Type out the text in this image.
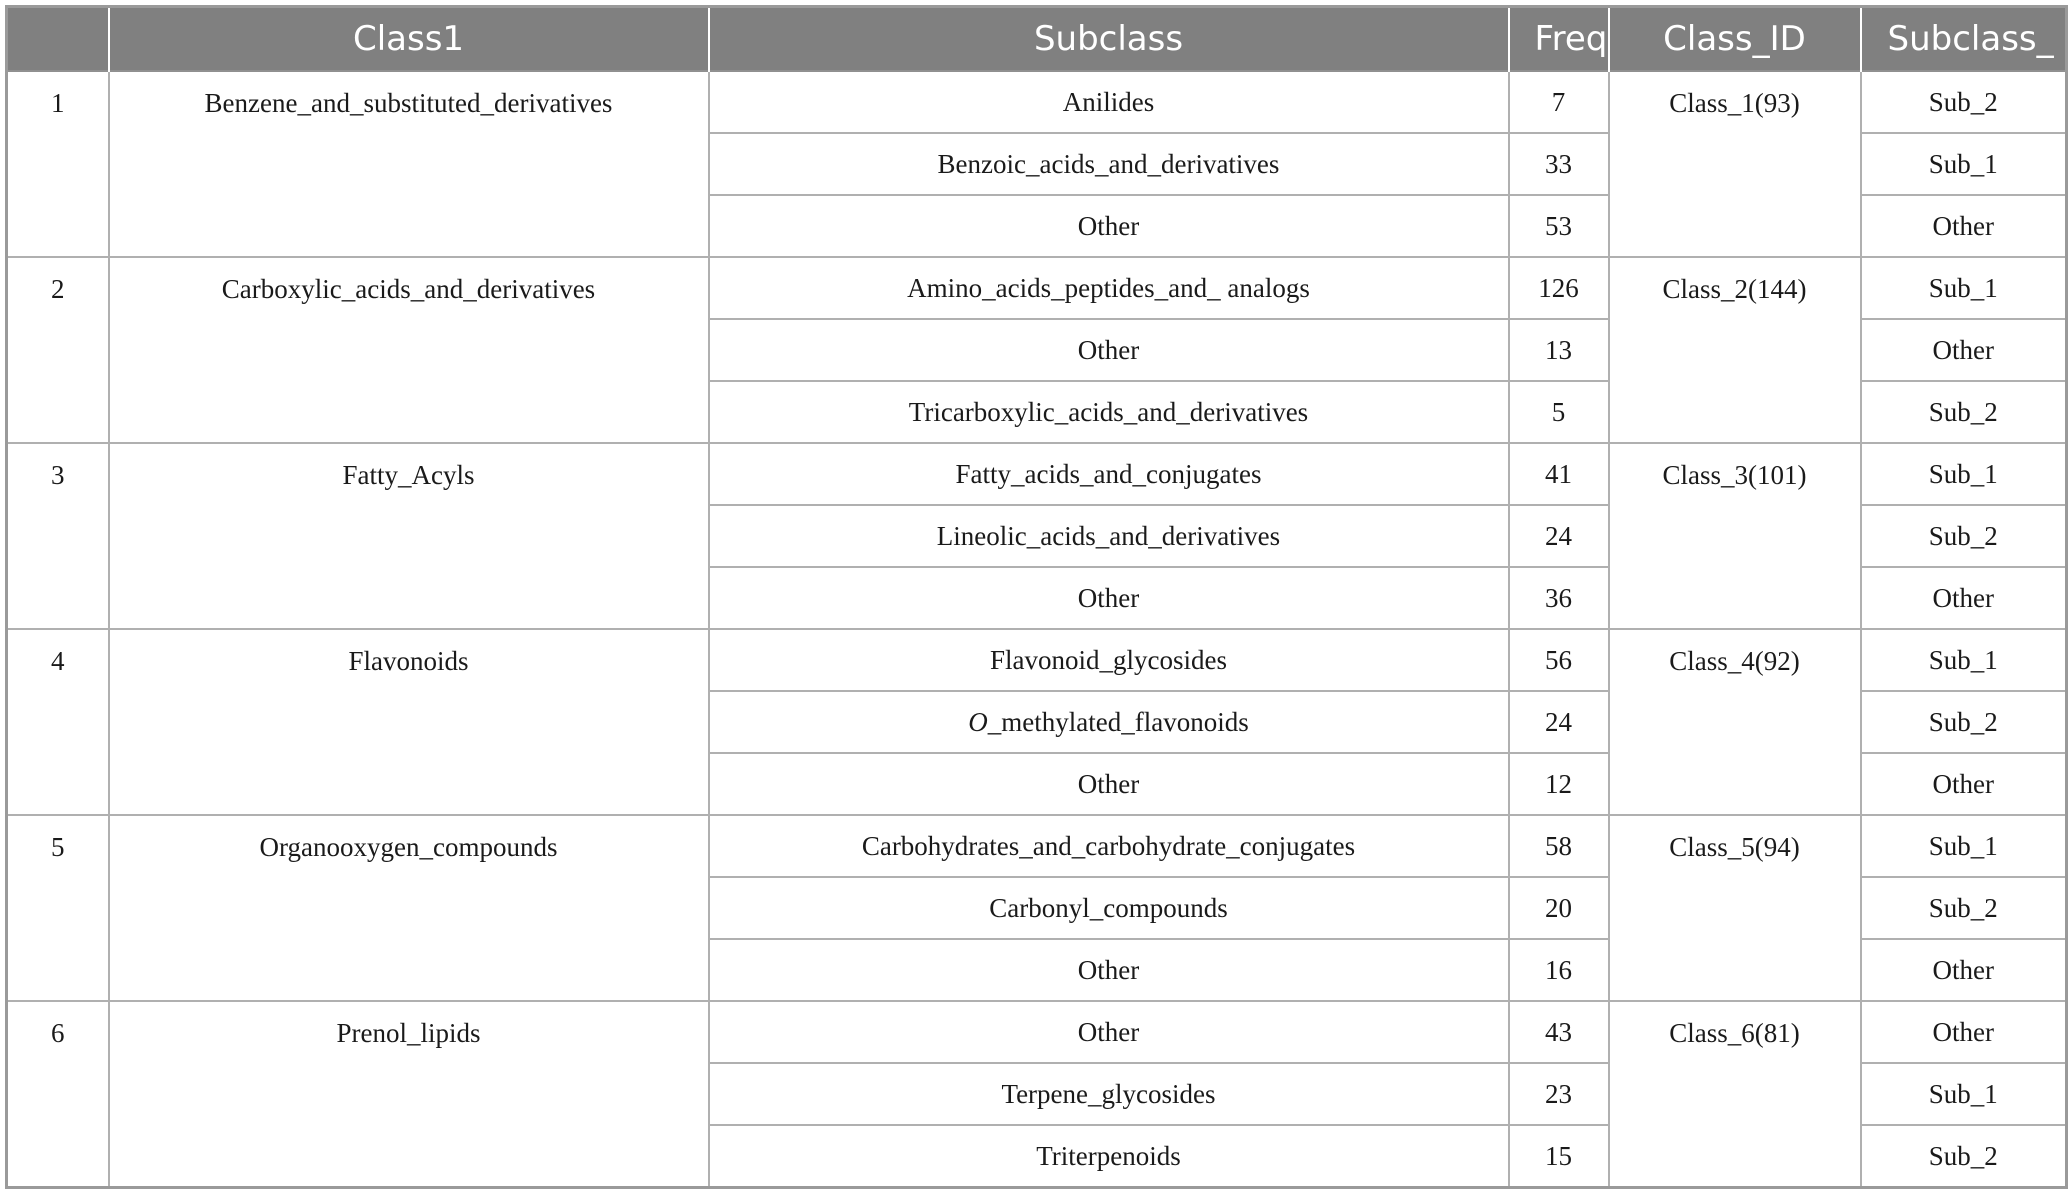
	Class1	Subclass	Freq	Class_ID	Subclass_
1	Benzene_and_substituted_derivatives	Anilides	7	Class_1(93)	Sub_2
		Benzoic_acids_and_derivatives	33		Sub_1
		Other	53		Other
2	Carboxylic_acids_and_derivatives	Amino_acids_peptides_and_ analogs	126	Class_2(144)	Sub_1
		Other	13		Other
		Tricarboxylic_acids_and_derivatives	5		Sub_2
3	Fatty_Acyls	Fatty_acids_and_conjugates	41	Class_3(101)	Sub_1
		Lineolic_acids_and_derivatives	24		Sub_2
		Other	36		Other
4	Flavonoids	Flavonoid_glycosides	56	Class_4(92)	Sub_1
		O_methylated_flavonoids	24		Sub_2
		Other	12		Other
5	Organooxygen_compounds	Carbohydrates_and_carbohydrate_conjugates	58	Class_5(94)	Sub_1
		Carbonyl_compounds	20		Sub_2
		Other	16		Other
6	Prenol_lipids	Other	43	Class_6(81)	Other
		Terpene_glycosides	23		Sub_1
		Triterpenoids	15		Sub_2
